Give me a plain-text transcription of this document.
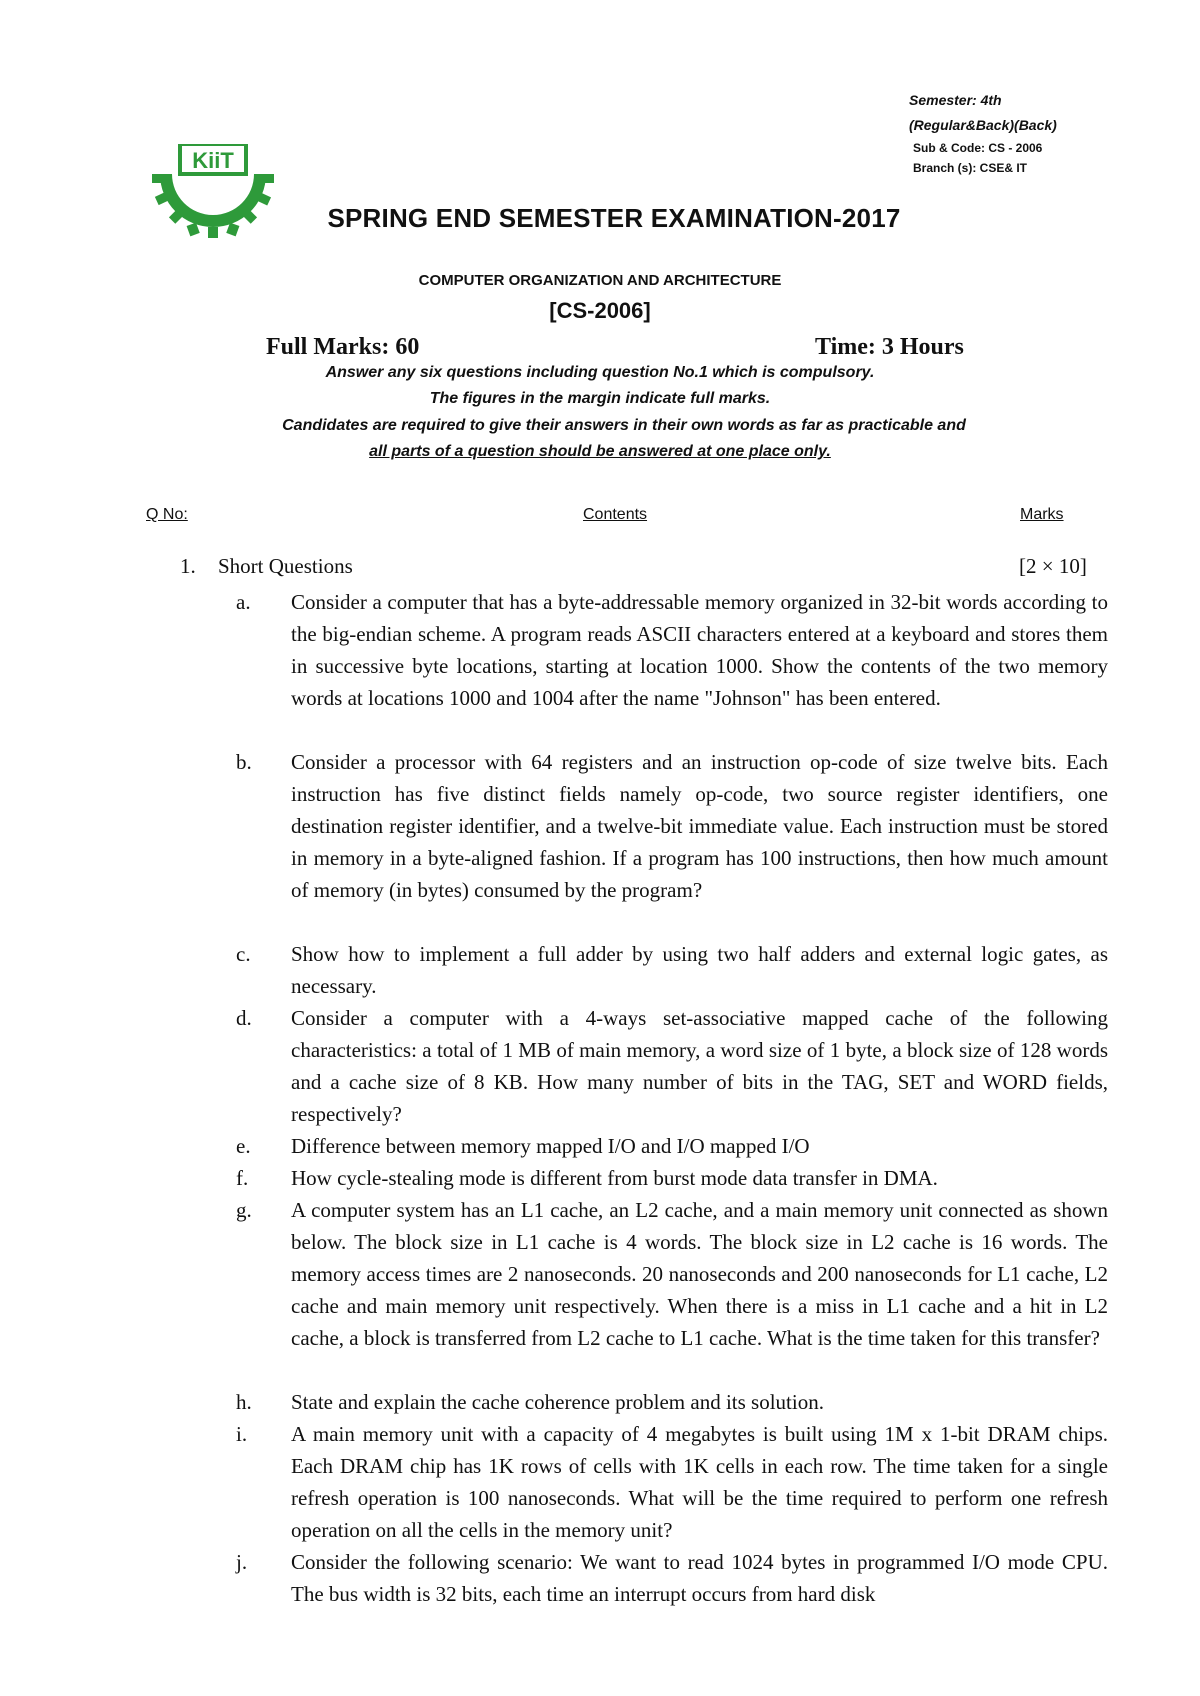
KiiT
Semester: 4th
(Regular&Back)(Back)
Sub & Code: CS - 2006
Branch (s): CSE& IT
SPRING END SEMESTER EXAMINATION-2017
COMPUTER ORGANIZATION AND ARCHITECTURE
[CS-2006]
Full Marks: 60	Time: 3 Hours
Answer any six questions including question No.1 which is compulsory.
The figures in the margin indicate full marks.
Candidates are required to give their answers in their own words as far as practicable and
all parts of a question should be answered at one place only.
Q No:	Contents	Marks
1. Short Questions	[2 × 10]
a.	Consider a computer that has a byte-addressable memory organized in 32-bit words according to the big-endian scheme. A program reads ASCII characters entered at a keyboard and stores them in successive byte locations, starting at location 1000. Show the contents of the two memory words at locations 1000 and 1004 after the name "Johnson" has been entered.
b.	Consider a processor with 64 registers and an instruction op-code of size twelve bits. Each instruction has five distinct fields namely op-code, two source register identifiers, one destination register identifier, and a twelve-bit immediate value. Each instruction must be stored in memory in a byte-aligned fashion. If a program has 100 instructions, then how much amount of memory (in bytes) consumed by the program?
c.	Show how to implement a full adder by using two half adders and external logic gates, as necessary.
d.	Consider a computer with a 4-ways set-associative mapped cache of the following characteristics: a total of 1 MB of main memory, a word size of 1 byte, a block size of 128 words and a cache size of 8 KB. How many number of bits in the TAG, SET and WORD fields, respectively?
e.	Difference between memory mapped I/O and I/O mapped I/O
f.	How cycle-stealing mode is different from burst mode data transfer in DMA.
g.	A computer system has an L1 cache, an L2 cache, and a main memory unit connected as shown below. The block size in L1 cache is 4 words. The block size in L2 cache is 16 words. The memory access times are 2 nanoseconds. 20 nanoseconds and 200 nanoseconds for L1 cache, L2 cache and main memory unit respectively. When there is a miss in L1 cache and a hit in L2 cache, a block is transferred from L2 cache to L1 cache. What is the time taken for this transfer?
h.	State and explain the cache coherence problem and its solution.
i.	A main memory unit with a capacity of 4 megabytes is built using 1M x 1-bit DRAM chips. Each DRAM chip has 1K rows of cells with 1K cells in each row. The time taken for a single refresh operation is 100 nanoseconds. What will be the time required to perform one refresh operation on all the cells in the memory unit?
j.	Consider the following scenario: We want to read 1024 bytes in programmed I/O mode CPU. The bus width is 32 bits, each time an interrupt occurs from hard disk
